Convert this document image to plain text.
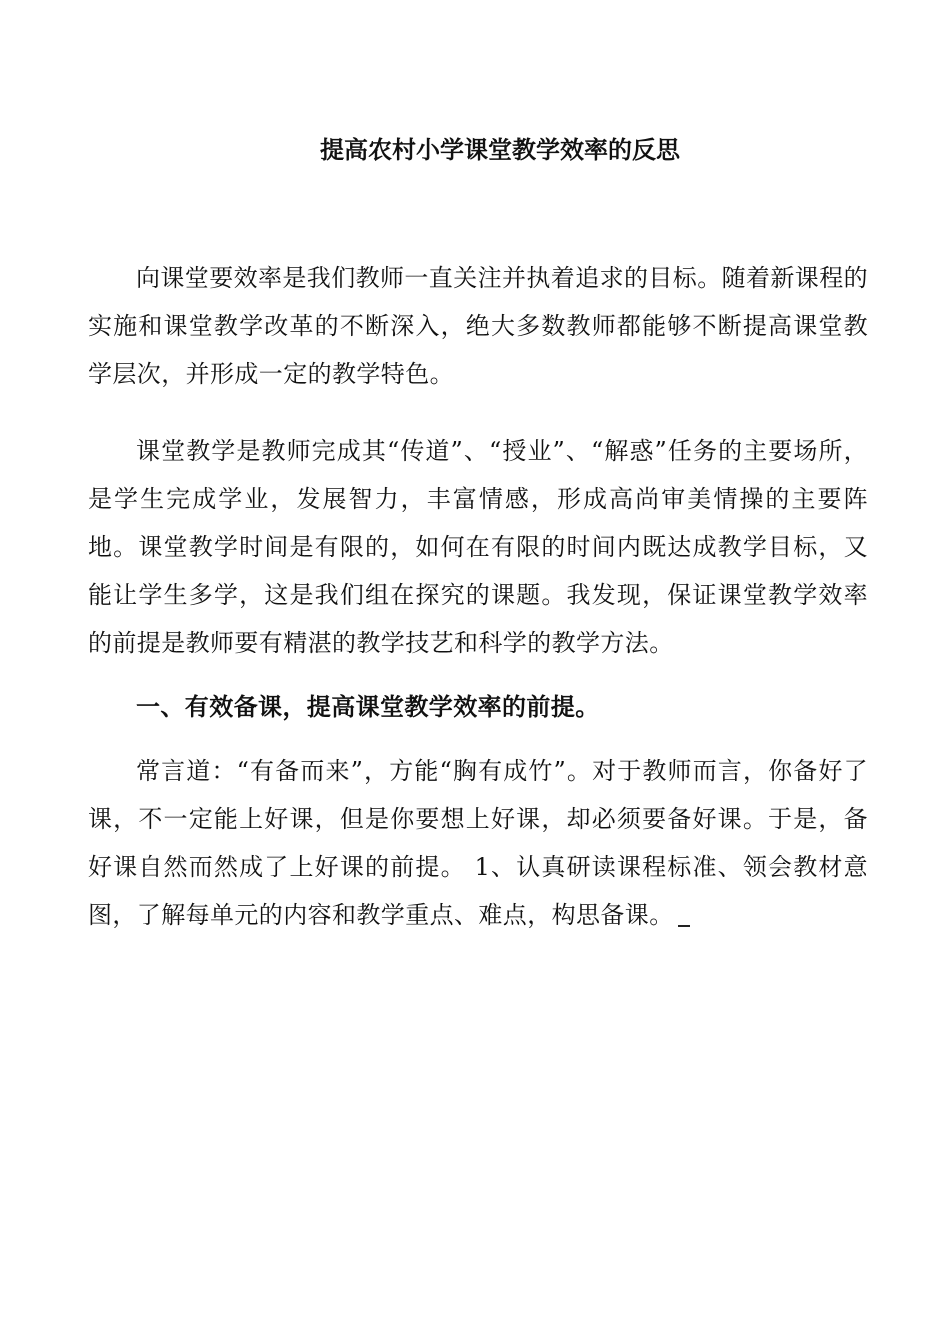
提高农村小学课堂教学效率的反思

向课堂要效率是我们教师一直关注并执着追求的目标。随着新课程的实施和课堂教学改革的不断深入，绝大多数教师都能够不断提高课堂教学层次，并形成一定的教学特色。

课堂教学是教师完成其“传道”、“授业”、“解惑”任务的主要场所，是学生完成学业，发展智力，丰富情感，形成高尚审美情操的主要阵地。课堂教学时间是有限的，如何在有限的时间内既达成教学目标，又能让学生多学，这是我们组在探究的课题。我发现，保证课堂教学效率的前提是教师要有精湛的教学技艺和科学的教学方法。

一、有效备课，提高课堂教学效率的前提。

常言道：“有备而来”，方能“胸有成竹”。对于教师而言，你备好了课，不一定能上好课，但是你要想上好课，却必须要备好课。于是，备好课自然而然成了上好课的前提。 1、认真研读课程标准、领会教材意图，了解每单元的内容和教学重点、难点，构思备课。
